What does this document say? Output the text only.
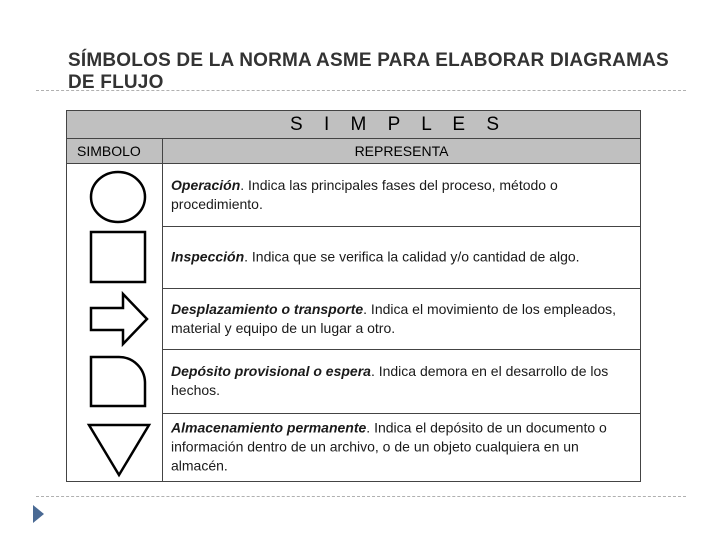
SÍMBOLOS DE LA NORMA ASME PARA ELABORAR DIAGRAMAS DE FLUJO
S I M P L E S
SIMBOLO	REPRESENTA
Operación. Indica las principales fases del proceso, método o procedimiento.
Inspección. Indica que se verifica la calidad y/o cantidad de algo.
Desplazamiento o transporte. Indica el movimiento de los empleados, material y equipo de un lugar a otro.
Depósito provisional o espera. Indica demora en el desarrollo de los hechos.
Almacenamiento permanente. Indica el depósito de un documento o información dentro de un archivo, o de un objeto cualquiera en un almacén.
